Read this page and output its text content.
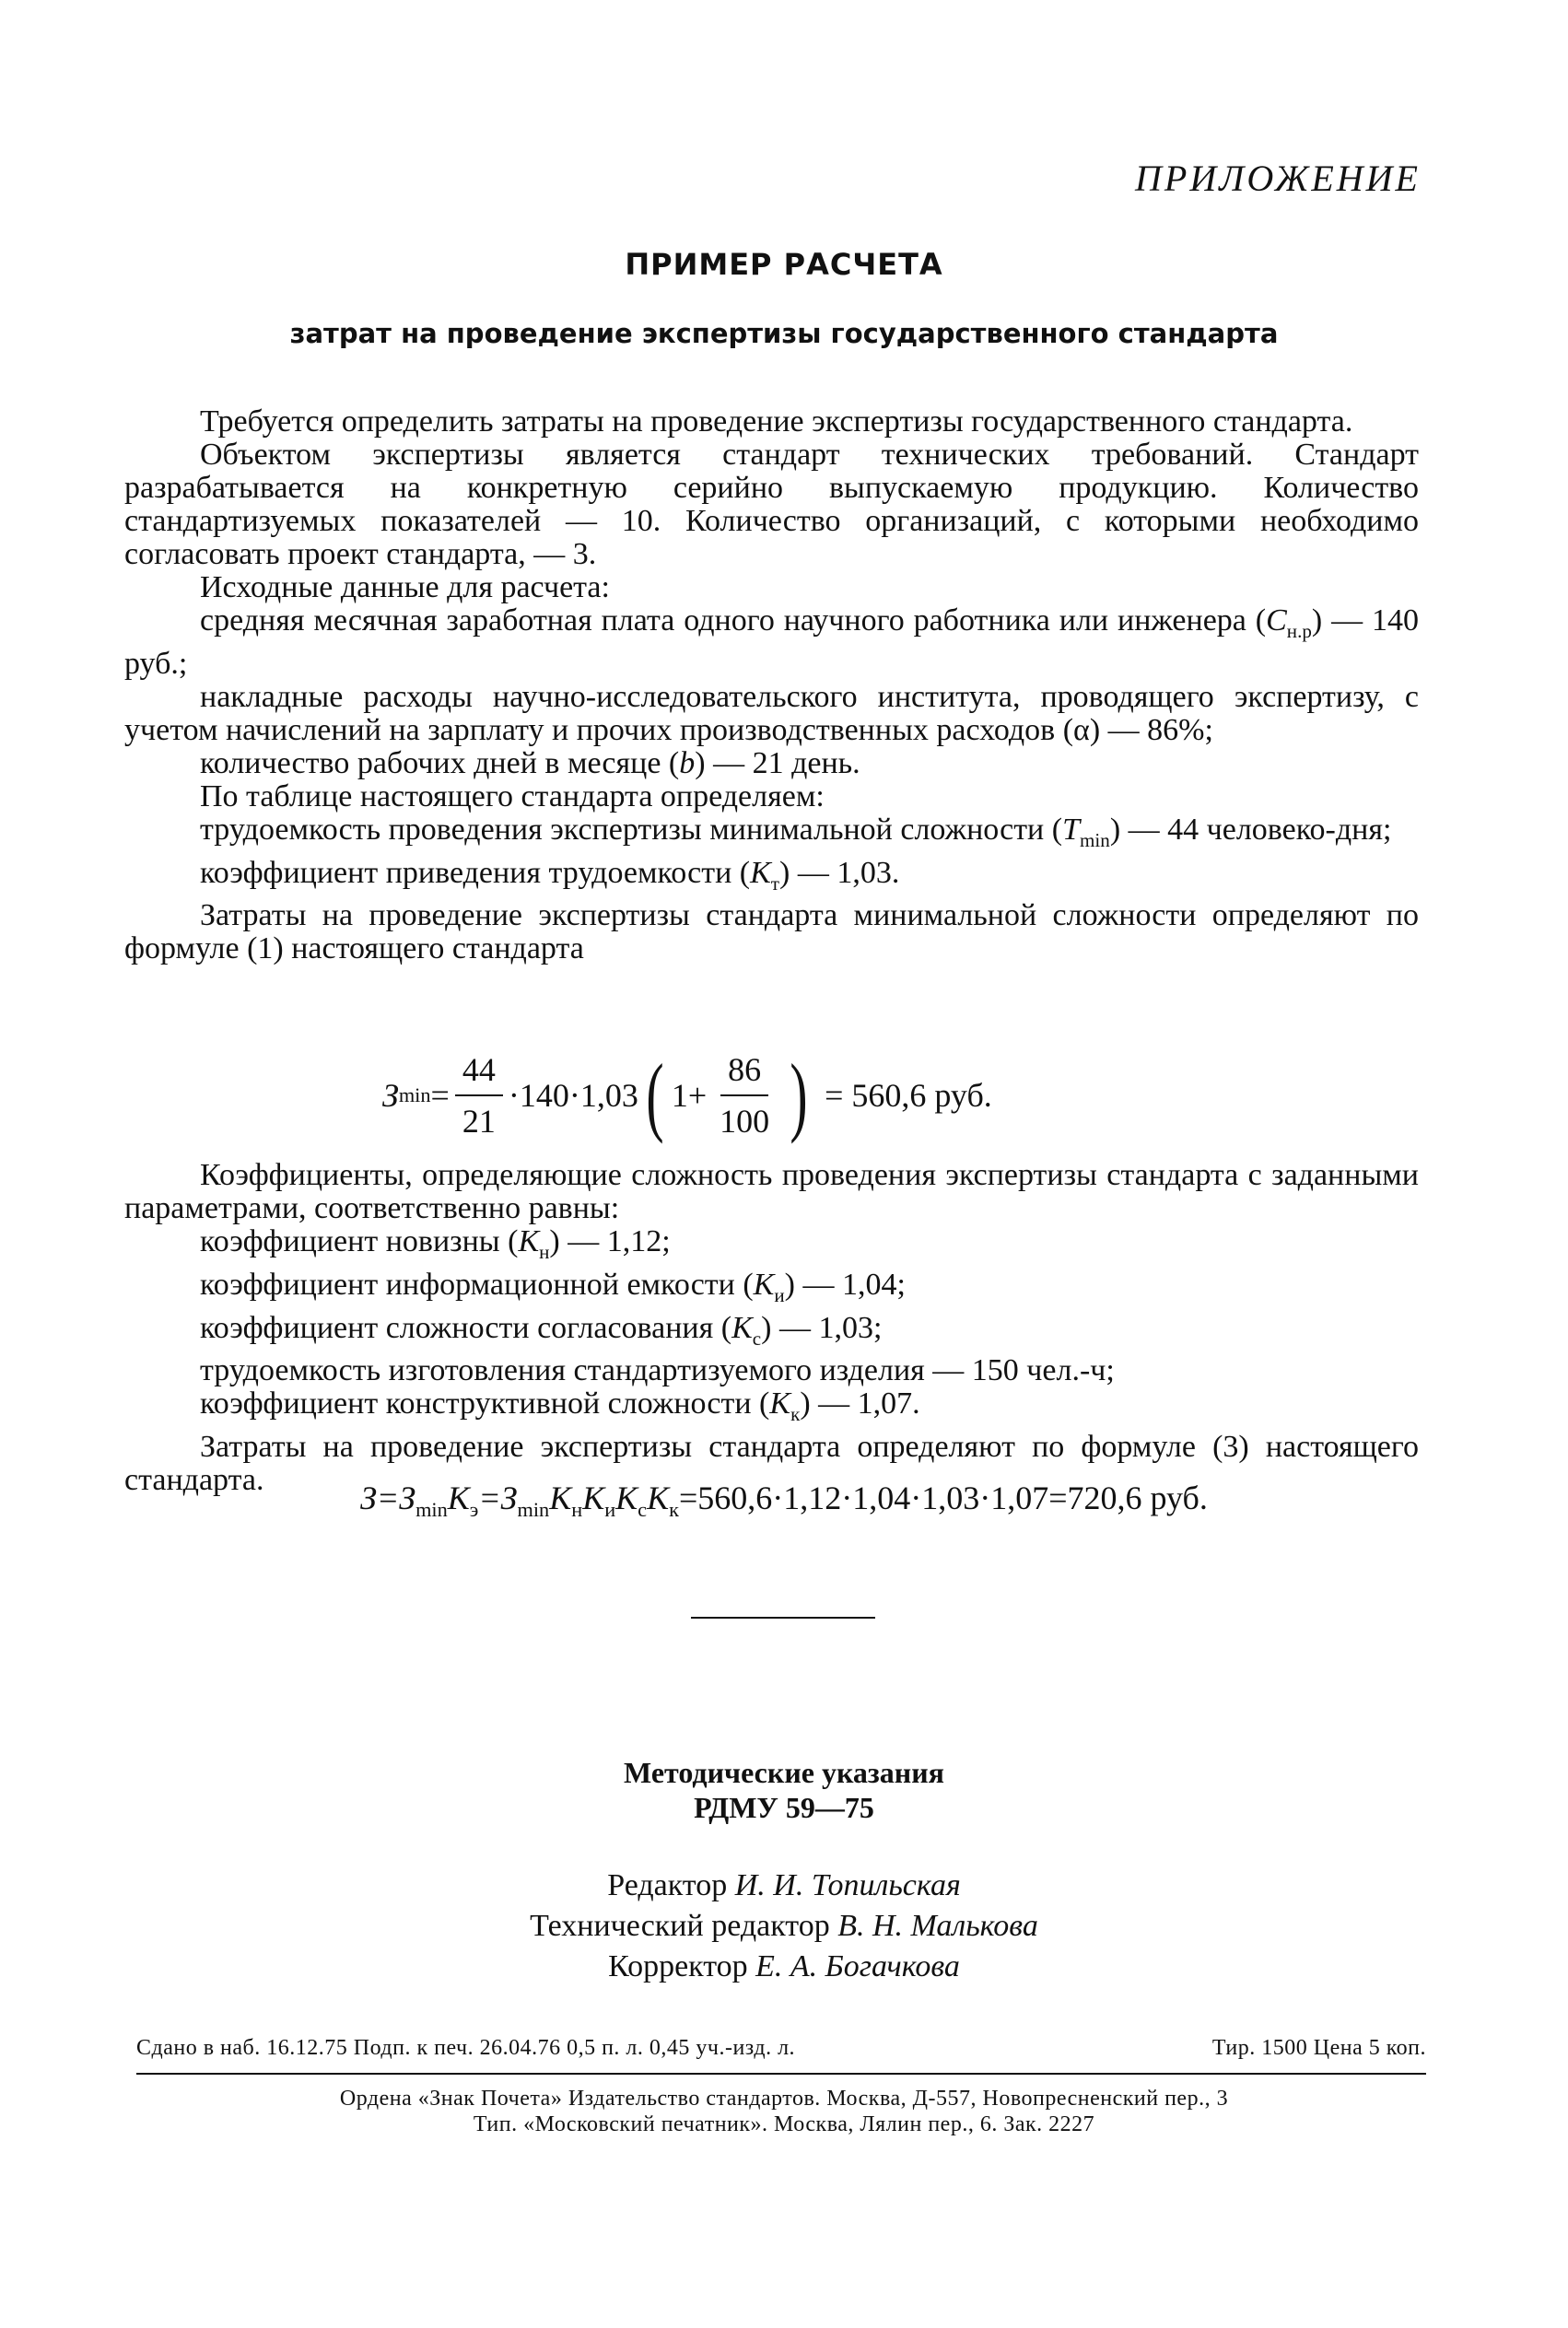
ПРИЛОЖЕНИЕ
ПРИМЕР РАСЧЕТА
затрат на проведение экспертизы государственного стандарта

Требуется определить затраты на проведение экспертизы государственного стандарта.

Объектом экспертизы является стандарт технических требований. Стандарт разрабатывается на конкретную серийно выпускаемую продукцию. Количество стандартизуемых показателей — 10. Количество организаций, с которыми необходимо согласовать проект стандарта, — 3.

Исходные данные для расчета:

средняя месячная заработная плата одного научного работника или инженера $(C_{н.р})$ — 140 руб.;

накладные расходы научно-исследовательского института, проводящего экспертизу, с учетом начислений на зарплату и прочих производственных расходов (α) — 86%;

количество рабочих дней в месяце (b) — 21 день.

По таблице настоящего стандарта определяем:

трудоемкость проведения экспертизы минимальной сложности $(T_{min})$ — 44 человеко-дня;

коэффициент приведения трудоемкости $(K_т)$ — 1,03.

Затраты на проведение экспертизы стандарта минимальной сложности определяют по формуле (1) настоящего стандарта

З $\min = \frac{44}{21} \cdot 140\cdot 1,03$ ( $1+ \frac{86}{100}$ ) = 560,6 руб.

Коэффициенты, определяющие сложность проведения экспертизы стандарта с заданными параметрами, соответственно равны:

коэффициент новизны $(K_н)$ — 1,12;

коэффициент информационной емкости $(K_и)$ — 1,04;

коэффициент сложности согласования $(K_с)$ — 1,03;

трудоемкость изготовления стандартизуемого изделия — 150 чел.-ч;

коэффициент конструктивной сложности $(K_к)$ — 1,07.

Затраты на проведение экспертизы стандарта определяют по формуле (3) настоящего стандарта.	$З=З_{min}K_э=З_{min}K_нK_иK_сK_к=560,6\cdot 1,12\cdot 1,04\cdot 1,03\cdot 1,07=720,6$ руб.
Методические указания
РДМУ 59—75
Редактор И. И. Топильская
Технический редактор В. Н. Малькова
Корректор Е. А. Богачкова
Сдано в наб. 16.12.75 Подп. к печ. 26.04.76 0,5 п. л. 0,45 уч.-изд. л.	Тир. 1500 Цена 5 коп.
Ордена «Знак Почета» Издательство стандартов. Москва, Д-557, Новопресненский пер., 3
Тип. «Московский печатник». Москва, Лялин пер., 6. Зак. 2227
